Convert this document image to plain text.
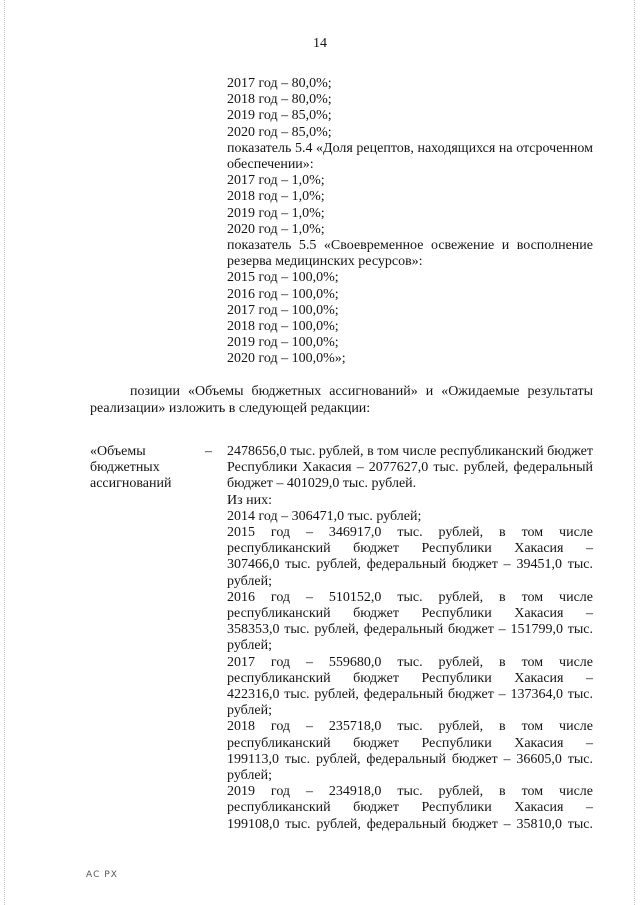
14
2017 год – 80,0%;
2018 год – 80,0%;
2019 год – 85,0%;
2020 год – 85,0%;
показатель 5.4 «Доля рецептов, находящихся на отсроченном
обеспечении»:
2017 год – 1,0%;
2018 год – 1,0%;
2019 год – 1,0%;
2020 год – 1,0%;
показатель 5.5 «Своевременное освежение и восполнение
резерва медицинских ресурсов»:
2015 год – 100,0%;
2016 год – 100,0%;
2017 год – 100,0%;
2018 год – 100,0%;
2019 год – 100,0%;
2020 год – 100,0%»;
позиции «Объемы бюджетных ассигнований» и «Ожидаемые результаты
реализации» изложить в следующей редакции:
«Объемы
бюджетных
ассигнований
– 2478656,0 тыс. рублей, в том числе республиканский бюджет
Республики Хакасия – 2077627,0 тыс. рублей, федеральный
бюджет – 401029,0 тыс. рублей.
Из них:
2014 год – 306471,0 тыс. рублей;
2015 год – 346917,0 тыс. рублей, в том числе
республиканский бюджет Республики Хакасия –
307466,0 тыс. рублей, федеральный бюджет – 39451,0 тыс.
рублей;
2016 год – 510152,0 тыс. рублей, в том числе
республиканский бюджет Республики Хакасия –
358353,0 тыс. рублей, федеральный бюджет – 151799,0 тыс.
рублей;
2017 год – 559680,0 тыс. рублей, в том числе
республиканский бюджет Республики Хакасия –
422316,0 тыс. рублей, федеральный бюджет – 137364,0 тыс.
рублей;
2018 год – 235718,0 тыс. рублей, в том числе
республиканский бюджет Республики Хакасия –
199113,0 тыс. рублей, федеральный бюджет – 36605,0 тыс.
рублей;
2019 год – 234918,0 тыс. рублей, в том числе
республиканский бюджет Республики Хакасия –
199108,0 тыс. рублей, федеральный бюджет – 35810,0 тыс.
АС РХ
